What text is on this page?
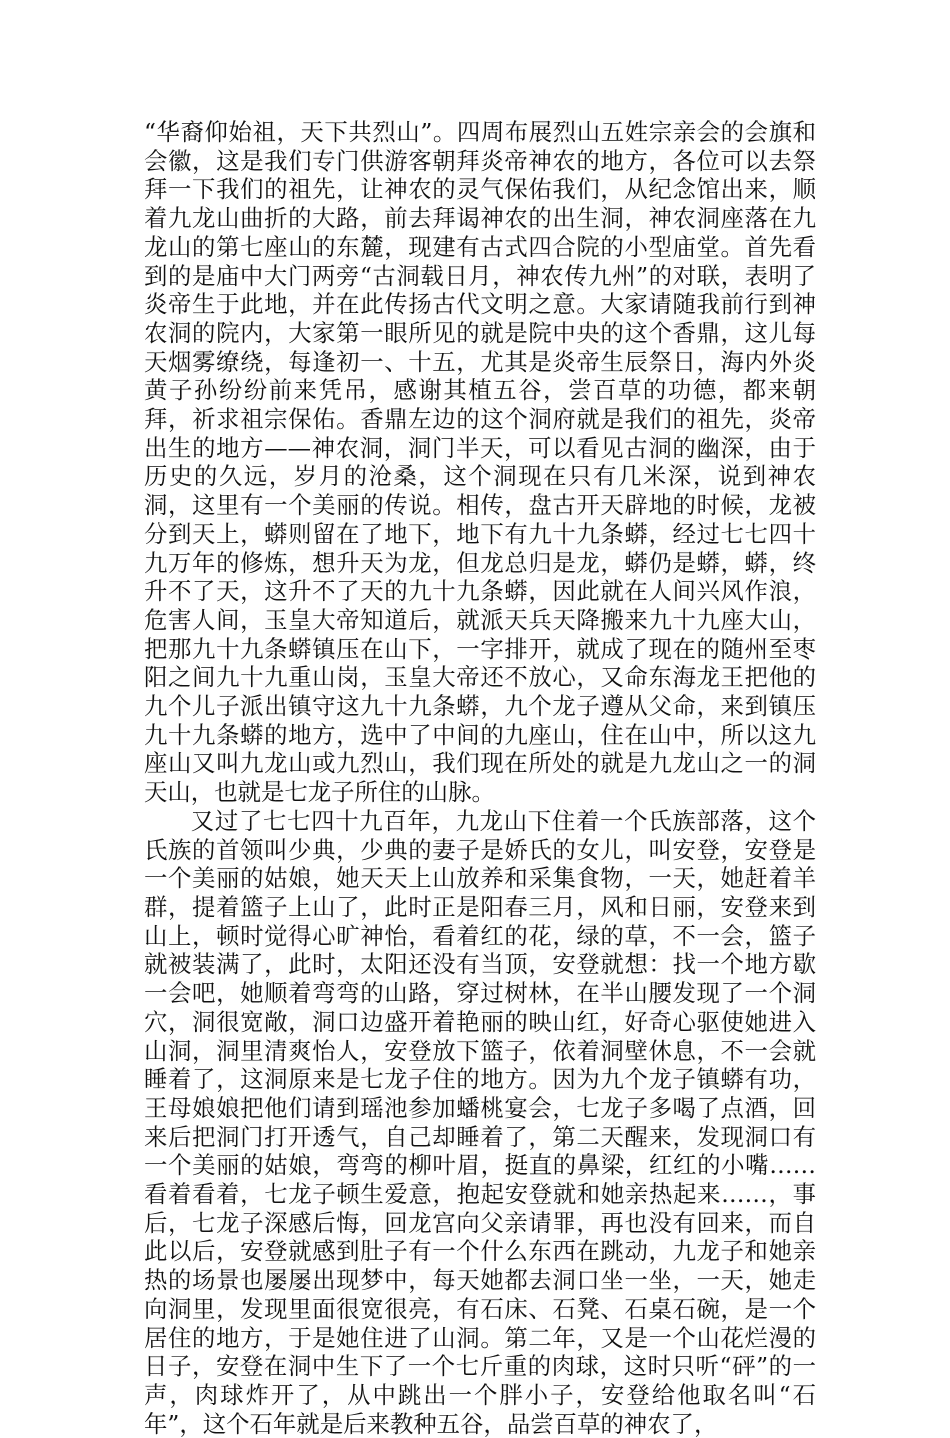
“华裔仰始祖，天下共烈山”。四周布展烈山五姓宗亲会的会旗和会徽，这是我们专门供游客朝拜炎帝神农的地方，各位可以去祭拜一下我们的祖先，让神农的灵气保佑我们，从纪念馆出来，顺着九龙山曲折的大路，前去拜谒神农的出生洞，神农洞座落在九龙山的第七座山的东麓，现建有古式四合院的小型庙堂。首先看到的是庙中大门两旁“古洞载日月，神农传九州”的对联，表明了炎帝生于此地，并在此传扬古代文明之意。大家请随我前行到神农洞的院内，大家第一眼所见的就是院中央的这个香鼎，这儿每天烟雾缭绕，每逢初一、十五，尤其是炎帝生辰祭日，海内外炎黄子孙纷纷前来凭吊，感谢其植五谷，尝百草的功德，都来朝拜，祈求祖宗保佑。香鼎左边的这个洞府就是我们的祖先，炎帝出生的地方——神农洞，洞门半天，可以看见古洞的幽深，由于历史的久远，岁月的沧桑，这个洞现在只有几米深，说到神农洞，这里有一个美丽的传说。相传，盘古开天辟地的时候，龙被分到天上，蟒则留在了地下，地下有九十九条蟒，经过七七四十九万年的修炼，想升天为龙，但龙总归是龙，蟒仍是蟒，蟒，终升不了天，这升不了天的九十九条蟒，因此就在人间兴风作浪，危害人间，玉皇大帝知道后，就派天兵天降搬来九十九座大山，把那九十九条蟒镇压在山下，一字排开，就成了现在的随州至枣阳之间九十九重山岗，玉皇大帝还不放心，又命东海龙王把他的九个儿子派出镇守这九十九条蟒，九个龙子遵从父命，来到镇压九十九条蟒的地方，选中了中间的九座山，住在山中，所以这九座山又叫九龙山或九烈山，我们现在所处的就是九龙山之一的洞天山，也就是七龙子所住的山脉。

又过了七七四十九百年，九龙山下住着一个氏族部落，这个氏族的首领叫少典，少典的妻子是娇氏的女儿，叫安登，安登是一个美丽的姑娘，她天天上山放养和采集食物，一天，她赶着羊群，提着篮子上山了，此时正是阳春三月，风和日丽，安登来到山上，顿时觉得心旷神怡，看着红的花，绿的草，不一会，篮子就被装满了，此时，太阳还没有当顶，安登就想：找一个地方歇一会吧，她顺着弯弯的山路，穿过树林，在半山腰发现了一个洞穴，洞很宽敞，洞口边盛开着艳丽的映山红，好奇心驱使她进入山洞，洞里清爽怡人，安登放下篮子，依着洞壁休息，不一会就睡着了，这洞原来是七龙子住的地方。因为九个龙子镇蟒有功，王母娘娘把他们请到瑶池参加蟠桃宴会，七龙子多喝了点酒，回来后把洞门打开透气，自己却睡着了，第二天醒来，发现洞口有一个美丽的姑娘，弯弯的柳叶眉，挺直的鼻梁，红红的小嘴……看着看着，七龙子顿生爱意，抱起安登就和她亲热起来……，事后，七龙子深感后悔，回龙宫向父亲请罪，再也没有回来，而自此以后，安登就感到肚子有一个什么东西在跳动，九龙子和她亲热的场景也屡屡出现梦中，每天她都去洞口坐一坐，一天，她走向洞里，发现里面很宽很亮，有石床、石凳、石桌石碗，是一个居住的地方，于是她住进了山洞。第二年，又是一个山花烂漫的日子，安登在洞中生下了一个七斤重的肉球，这时只听“砰”的一声，肉球炸开了，从中跳出一个胖小子，安登给他取名叫“石年”，这个石年就是后来教种五谷，品尝百草的神农了，
